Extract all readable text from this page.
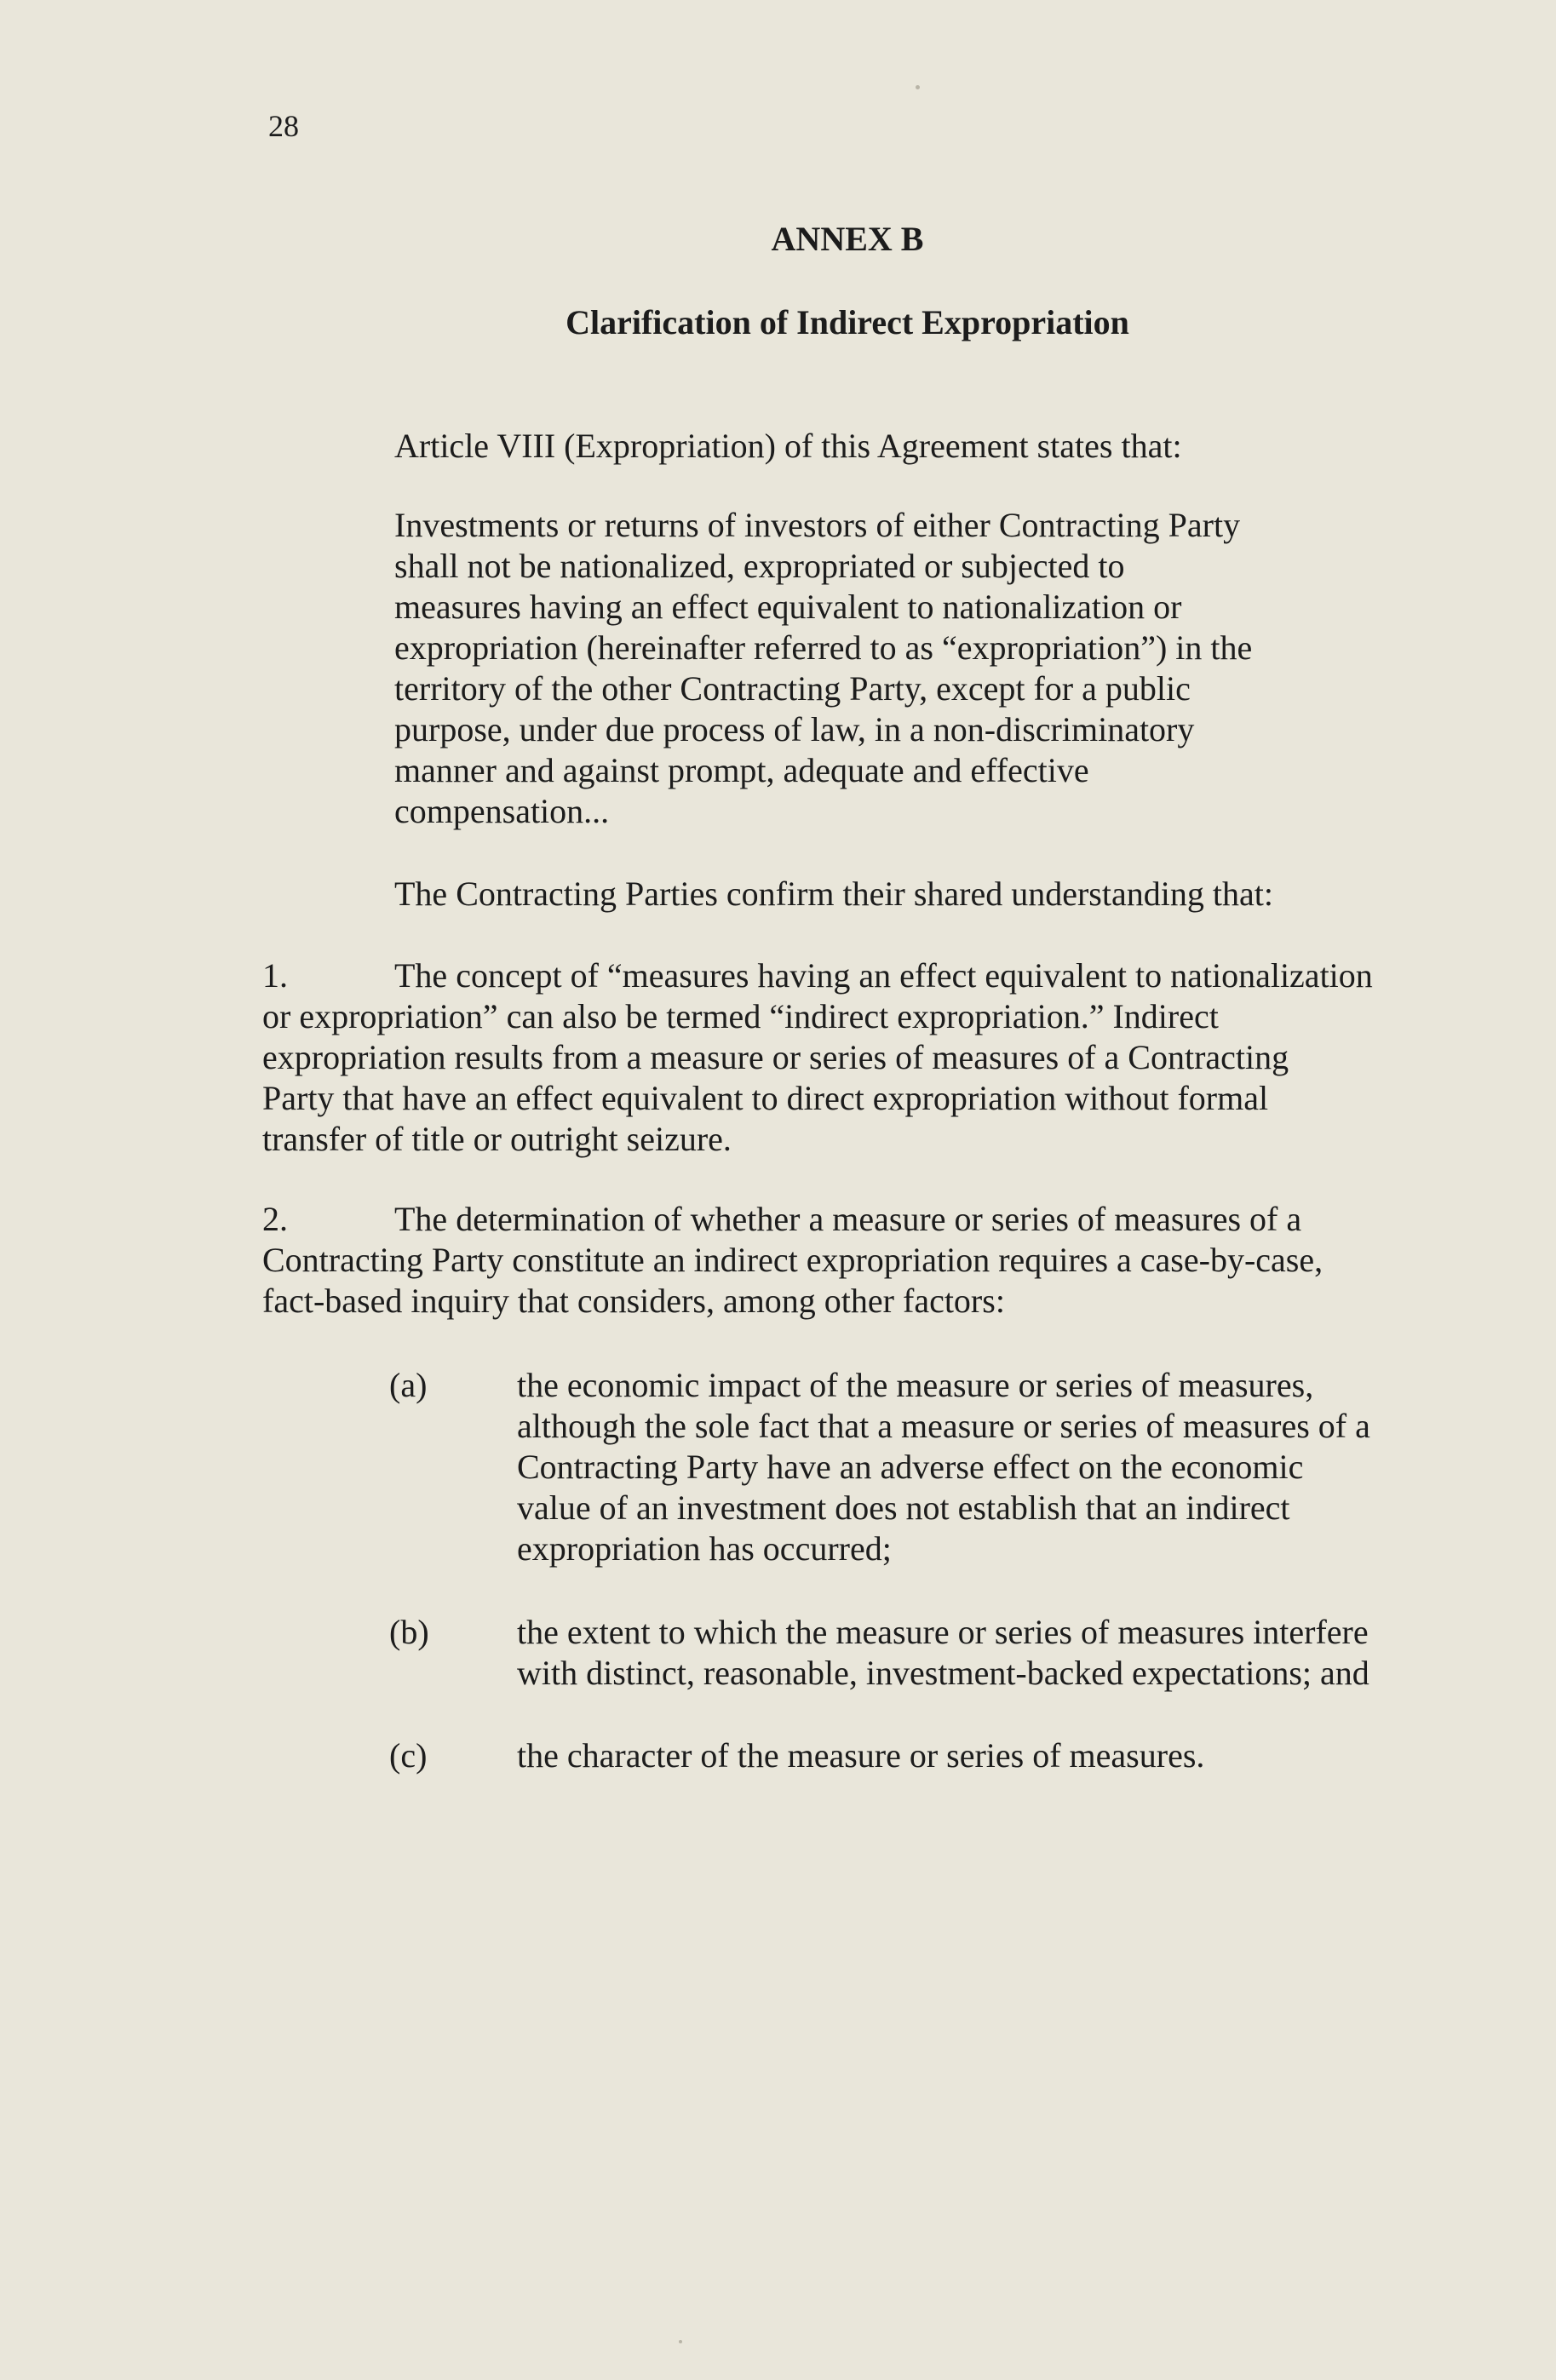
28
ANNEX B
Clarification of Indirect Expropriation
Article VIII (Expropriation) of this Agreement states that:
Investments or returns of investors of either Contracting Party
shall not be nationalized, expropriated or subjected to
measures having an effect equivalent to nationalization or
expropriation (hereinafter referred to as “expropriation”) in the
territory of the other Contracting Party, except for a public
purpose, under due process of law, in a non-discriminatory
manner and against prompt, adequate and effective
compensation...
The Contracting Parties confirm their shared understanding that:
1.	The concept of “measures having an effect equivalent to nationalization
or expropriation” can also be termed “indirect expropriation.” Indirect
expropriation results from a measure or series of measures of a Contracting
Party that have an effect equivalent to direct expropriation without formal
transfer of title or outright seizure.
2.	The determination of whether a measure or series of measures of a
Contracting Party constitute an indirect expropriation requires a case-by-case,
fact-based inquiry that considers, among other factors:
(a)	the economic impact of the measure or series of measures,
although the sole fact that a measure or series of measures of a
Contracting Party have an adverse effect on the economic
value of an investment does not establish that an indirect
expropriation has occurred;
(b)	the extent to which the measure or series of measures interfere
with distinct, reasonable, investment-backed expectations; and
(c)	the character of the measure or series of measures.
